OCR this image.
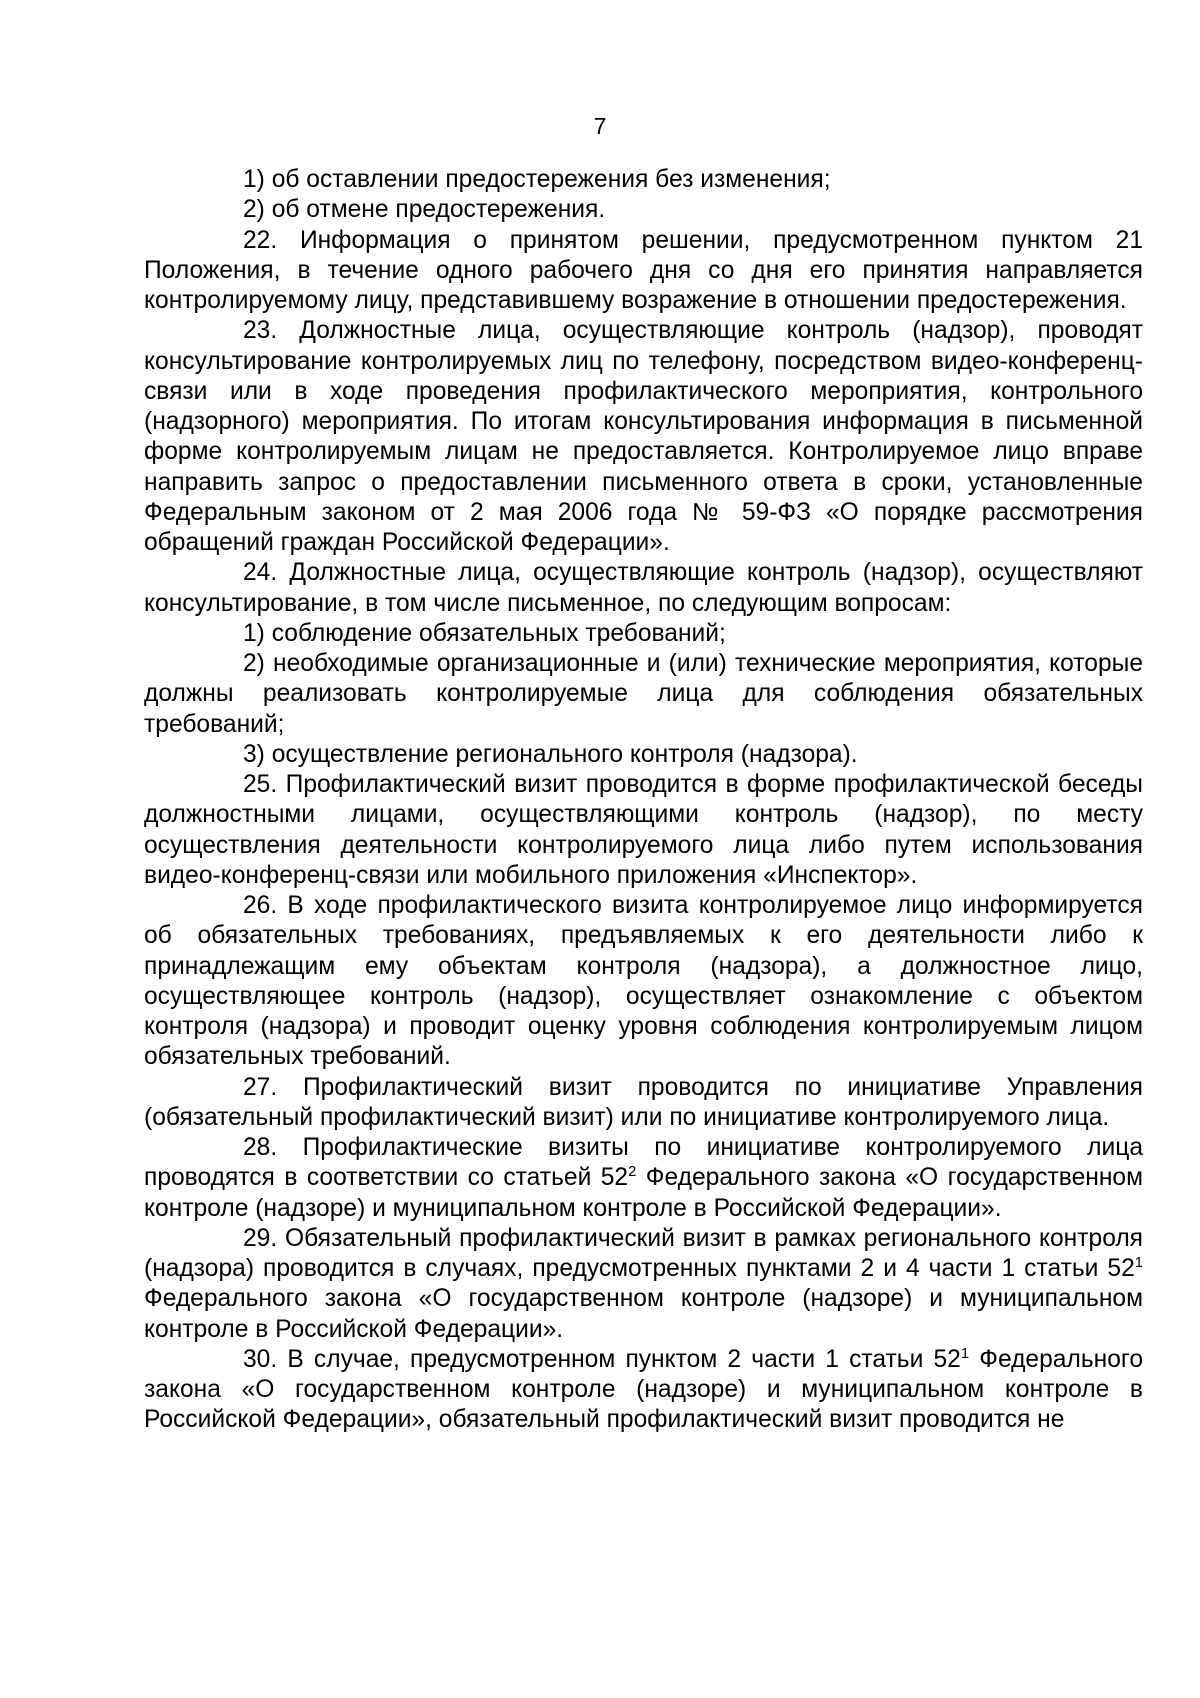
7

1) об оставлении предостережения без изменения;

2) об отмене предостережения.

22. Информация о принятом решении, предусмотренном пунктом 21 Положения, в течение одного рабочего дня со дня его принятия направляется контролируемому лицу, представившему возражение в отношении предостережения.

23. Должностные лица, осуществляющие контроль (надзор), проводят консультирование контролируемых лиц по телефону, посредством видео-конференц-связи или в ходе проведения профилактического мероприятия, контрольного (надзорного) мероприятия. По итогам консультирования информация в письменной форме контролируемым лицам не предоставляется. Контролируемое лицо вправе направить запрос о предоставлении письменного ответа в сроки, установленные Федеральным законом от 2 мая 2006 года № 59-ФЗ «О порядке рассмотрения обращений граждан Российской Федерации».

24. Должностные лица, осуществляющие контроль (надзор), осуществляют консультирование, в том числе письменное, по следующим вопросам:

1) соблюдение обязательных требований;

2) необходимые организационные и (или) технические мероприятия, которые должны реализовать контролируемые лица для соблюдения обязательных требований;

3) осуществление регионального контроля (надзора).

25. Профилактический визит проводится в форме профилактической беседы должностными лицами, осуществляющими контроль (надзор), по месту осуществления деятельности контролируемого лица либо путем использования видео-конференц-связи или мобильного приложения «Инспектор».

26. В ходе профилактического визита контролируемое лицо информируется об обязательных требованиях, предъявляемых к его деятельности либо к принадлежащим ему объектам контроля (надзора), а должностное лицо, осуществляющее контроль (надзор), осуществляет ознакомление с объектом контроля (надзора) и проводит оценку уровня соблюдения контролируемым лицом обязательных требований.

27. Профилактический визит проводится по инициативе Управления (обязательный профилактический визит) или по инициативе контролируемого лица.

28. Профилактические визиты по инициативе контролируемого лица проводятся в соответствии со статьей $52^2$ Федерального закона «О государственном контроле (надзоре) и муниципальном контроле в Российской Федерации».

29. Обязательный профилактический визит в рамках регионального контроля (надзора) проводится в случаях, предусмотренных пунктами 2 и 4 части 1 статьи $52^1$ Федерального закона «О государственном контроле (надзоре) и муниципальном контроле в Российской Федерации».

30. В случае, предусмотренном пунктом 2 части 1 статьи $52^1$ Федерального закона «О государственном контроле (надзоре) и муниципальном контроле в Российской Федерации», обязательный профилактический визит проводится не
